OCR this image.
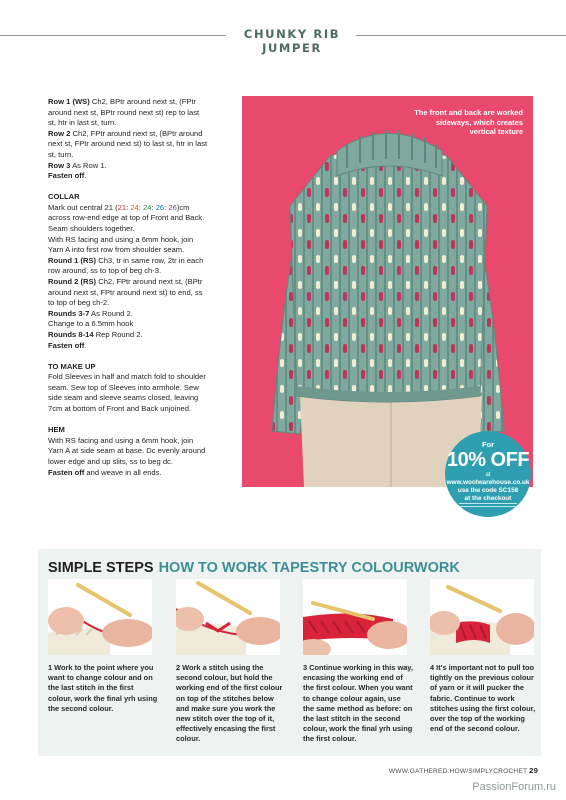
CHUNKY RIB JUMPER

Row 1 (WS) Ch2, BPtr around next st, (FPtr around next st, BPtr round next st) rep to last st, htr in last st, turn.

Row 2 Ch2, FPtr around next st, (BPtr around next st, FPtr around next st) to last st, htr in last st, turn.

Row 3 As Row 1.

Fasten off.

COLLAR

Mark out central 21 (21: 24: 24: 26: 26)cm across row-end edge at top of Front and Back.

Seam shoulders together.

With RS facing and using a 6mm hook, join Yarn A into first row from shoulder seam.

Round 1 (RS) Ch3, tr in same row, 2tr in each row around, ss to top of beg ch-3.

Round 2 (RS) Ch2, FPtr around next st, (BPtr around next st, FPtr around next st) to end, ss to top of beg ch-2.

Rounds 3-7 As Round 2.

Change to a 6.5mm hook

Rounds 8-14 Rep Round 2.

Fasten off.

TO MAKE UP

Fold Sleeves in half and match fold to shoulder seam. Sew top of Sleeves into armhole. Sew side seam and sleeve seams closed, leaving 7cm at bottom of Front and Back unjoined.

HEM

With RS facing and using a 6mm hook, join Yarn A at side seam at base. Dc evenly around lower edge and up slits, ss to beg dc.

Fasten off and weave in all ends.

The front and back are worked sideways, which creates vertical texture
For
10% OFF
at
www.woolwarehouse.co.uk
use the code SC158
at the checkout
SIMPLE STEPS HOW TO WORK TAPESTRY COLOURWORK
1 Work to the point where you want to change colour and on the last stitch in the first colour, work the final yrh using the second colour.
2 Work a stitch using the second colour, but hold the working end of the first colour on top of the stitches below and make sure you work the new stitch over the top of it, effectively encasing the first colour.
3 Continue working in this way, encasing the working end of the first colour. When you want to change colour again, use the same method as before: on the last stitch in the second colour, work the final yrh using the first colour.
4 It's important not to pull too tightly on the previous colour of yarn or it will pucker the fabric. Continue to work stitches using the first colour, over the top of the working end of the second colour.
WWW.GATHERED.HOW/SIMPLYCROCHET 29
PassionForum.ru
